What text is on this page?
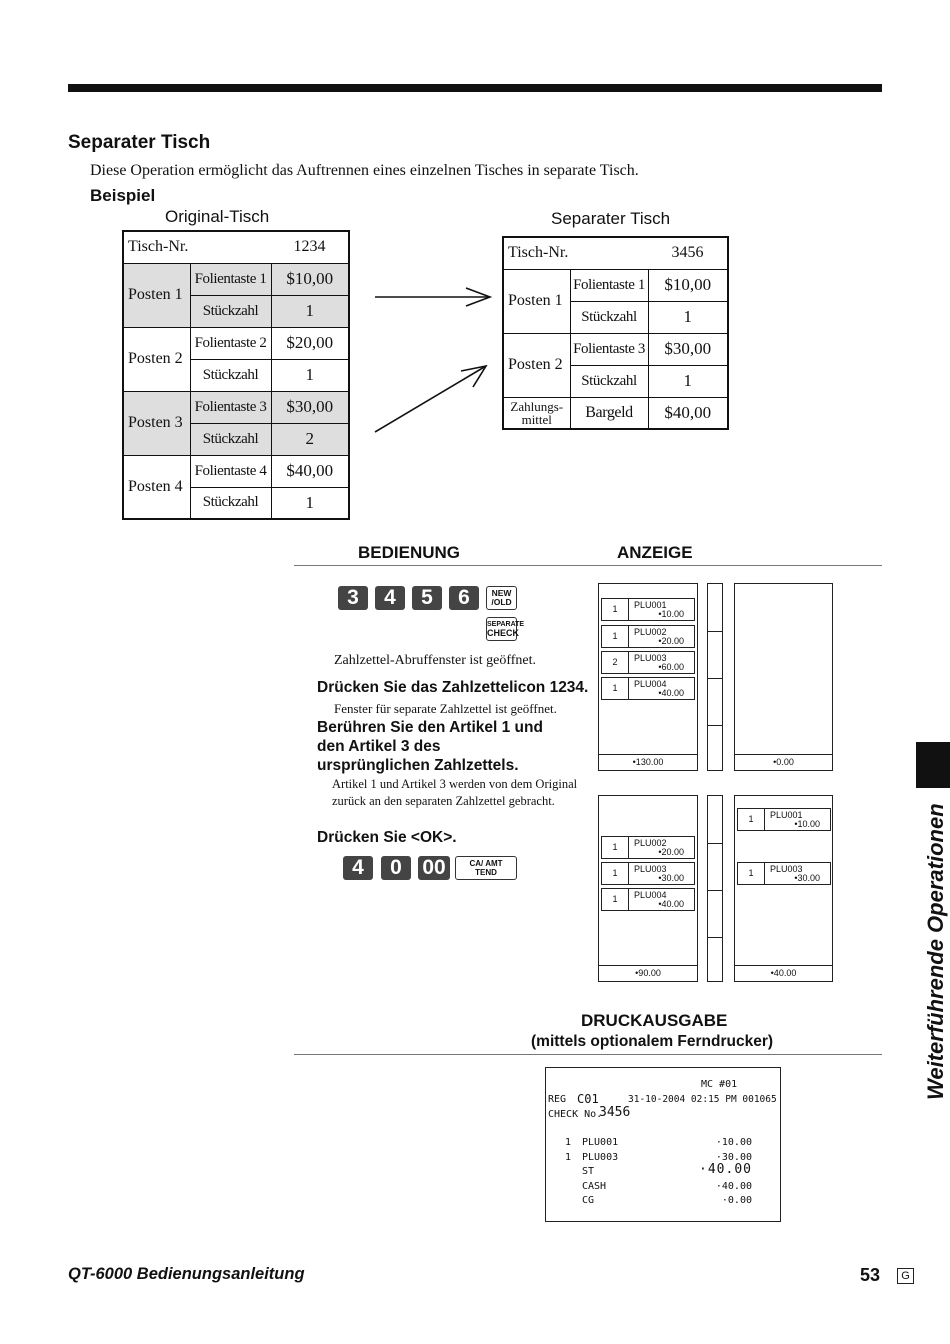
Separater Tisch
Diese Operation ermöglicht das Auftrennen eines einzelnen Tisches in separate Tisch.
Beispiel
Original-Tisch
Tisch-Nr.		1234
Posten 1	Folientaste 1	$10,00
	Stückzahl	1
Posten 2	Folientaste 2	$20,00
	Stückzahl	1
Posten 3	Folientaste 3	$30,00
	Stückzahl	2
Posten 4	Folientaste 4	$40,00
	Stückzahl	1
Separater Tisch
Tisch-Nr.		3456
Posten 1	Folientaste 1	$10,00
	Stückzahl	1
Posten 2	Folientaste 3	$30,00
	Stückzahl	1
Zahlungs-
mittel	Bargeld	$40,00
BEDIENUNG	ANZEIGE
3	4	5	6	NEW
/OLD
SEPARATE
CHECK
Zahlzettel-Abruffenster ist geöffnet.
Drücken Sie das Zahlzettelicon 1234.
Fenster für separate Zahlzettel ist geöffnet.
Berühren Sie den Artikel 1 und
den Artikel 3 des
ursprünglichen Zahlzettels.
Artikel 1 und Artikel 3 werden von dem Original
zurück an den separaten Zahlzettel gebracht.
Drücken Sie <OK>.
4	0 00	CA/ AMT
TEND
1	PLU001
•10.00
1	PLU002
•20.00
2	PLU003
•60.00
1	PLU004
•40.00
•130.00	•0.00
1	PLU002
•20.00
1	PLU003
•30.00
1	PLU004
•40.00
•90.00
1	PLU001
•10.00
1	PLU003
•30.00
•40.00
DRUCKAUSGABE
(mittels optionalem Ferndrucker)
MC #01
REG C01	31-10-2004 02:15 PM 001065
CHECK No.
3456
1 PLU001	·10.00
1 PLU003	·30.00
ST	·40.00
CASH	·40.00
CG	·0.00
Weiterführende Operationen
QT-6000 Bedienungsanleitung	53	G
